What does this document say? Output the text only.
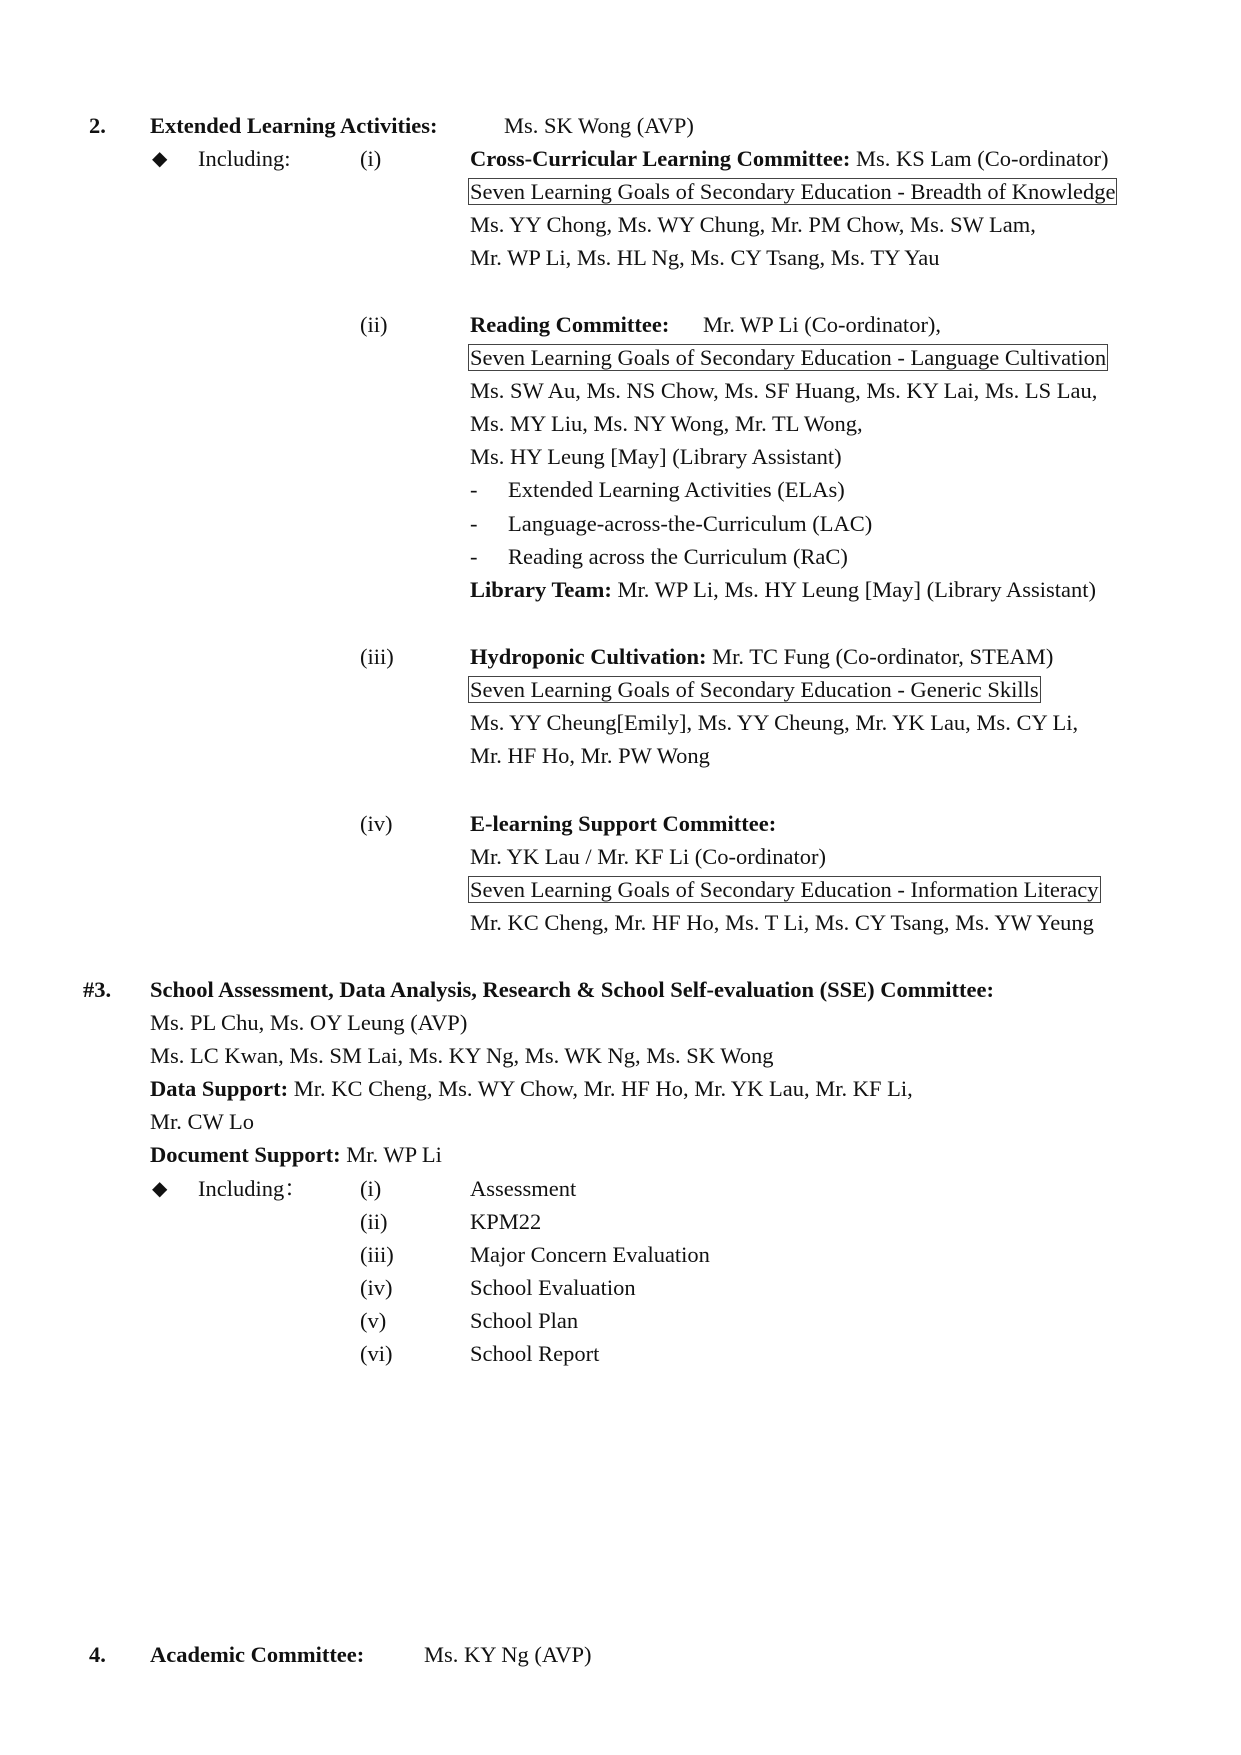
2. Extended Learning Activities:	Ms. SK Wong (AVP)
◆ Including:	(i)	Cross-Curricular Learning Committee: Ms. KS Lam (Co-ordinator)
Seven Learning Goals of Secondary Education - Breadth of Knowledge
Ms. YY Chong, Ms. WY Chung, Mr. PM Chow, Ms. SW Lam,
Mr. WP Li, Ms. HL Ng, Ms. CY Tsang, Ms. TY Yau
(ii)	Reading Committee: Mr. WP Li (Co-ordinator),
Seven Learning Goals of Secondary Education - Language Cultivation
Ms. SW Au, Ms. NS Chow, Ms. SF Huang, Ms. KY Lai, Ms. LS Lau,
Ms. MY Liu, Ms. NY Wong, Mr. TL Wong,
Ms. HY Leung [May] (Library Assistant)
- Extended Learning Activities (ELAs)
- Language-across-the-Curriculum (LAC)
- Reading across the Curriculum (RaC)
Library Team: Mr. WP Li, Ms. HY Leung [May] (Library Assistant)
(iii)	Hydroponic Cultivation: Mr. TC Fung (Co-ordinator, STEAM)
Seven Learning Goals of Secondary Education - Generic Skills
Ms. YY Cheung[Emily], Ms. YY Cheung, Mr. YK Lau, Ms. CY Li,
Mr. HF Ho, Mr. PW Wong
(iv)	E-learning Support Committee:
Mr. YK Lau / Mr. KF Li (Co-ordinator)
Seven Learning Goals of Secondary Education - Information Literacy
Mr. KC Cheng, Mr. HF Ho, Ms. T Li, Ms. CY Tsang, Ms. YW Yeung
#3. School Assessment, Data Analysis, Research & School Self-evaluation (SSE) Committee:
Ms. PL Chu, Ms. OY Leung (AVP)
Ms. LC Kwan, Ms. SM Lai, Ms. KY Ng, Ms. WK Ng, Ms. SK Wong
Data Support: Mr. KC Cheng, Ms. WY Chow, Mr. HF Ho, Mr. YK Lau, Mr. KF Li,
Mr. CW Lo
Document Support: Mr. WP Li
◆ Including： (i)	Assessment
(ii)	KPM22
(iii)	Major Concern Evaluation
(iv)	School Evaluation
(v)	School Plan
(vi)	School Report
4. Academic Committee:	Ms. KY Ng (AVP)
